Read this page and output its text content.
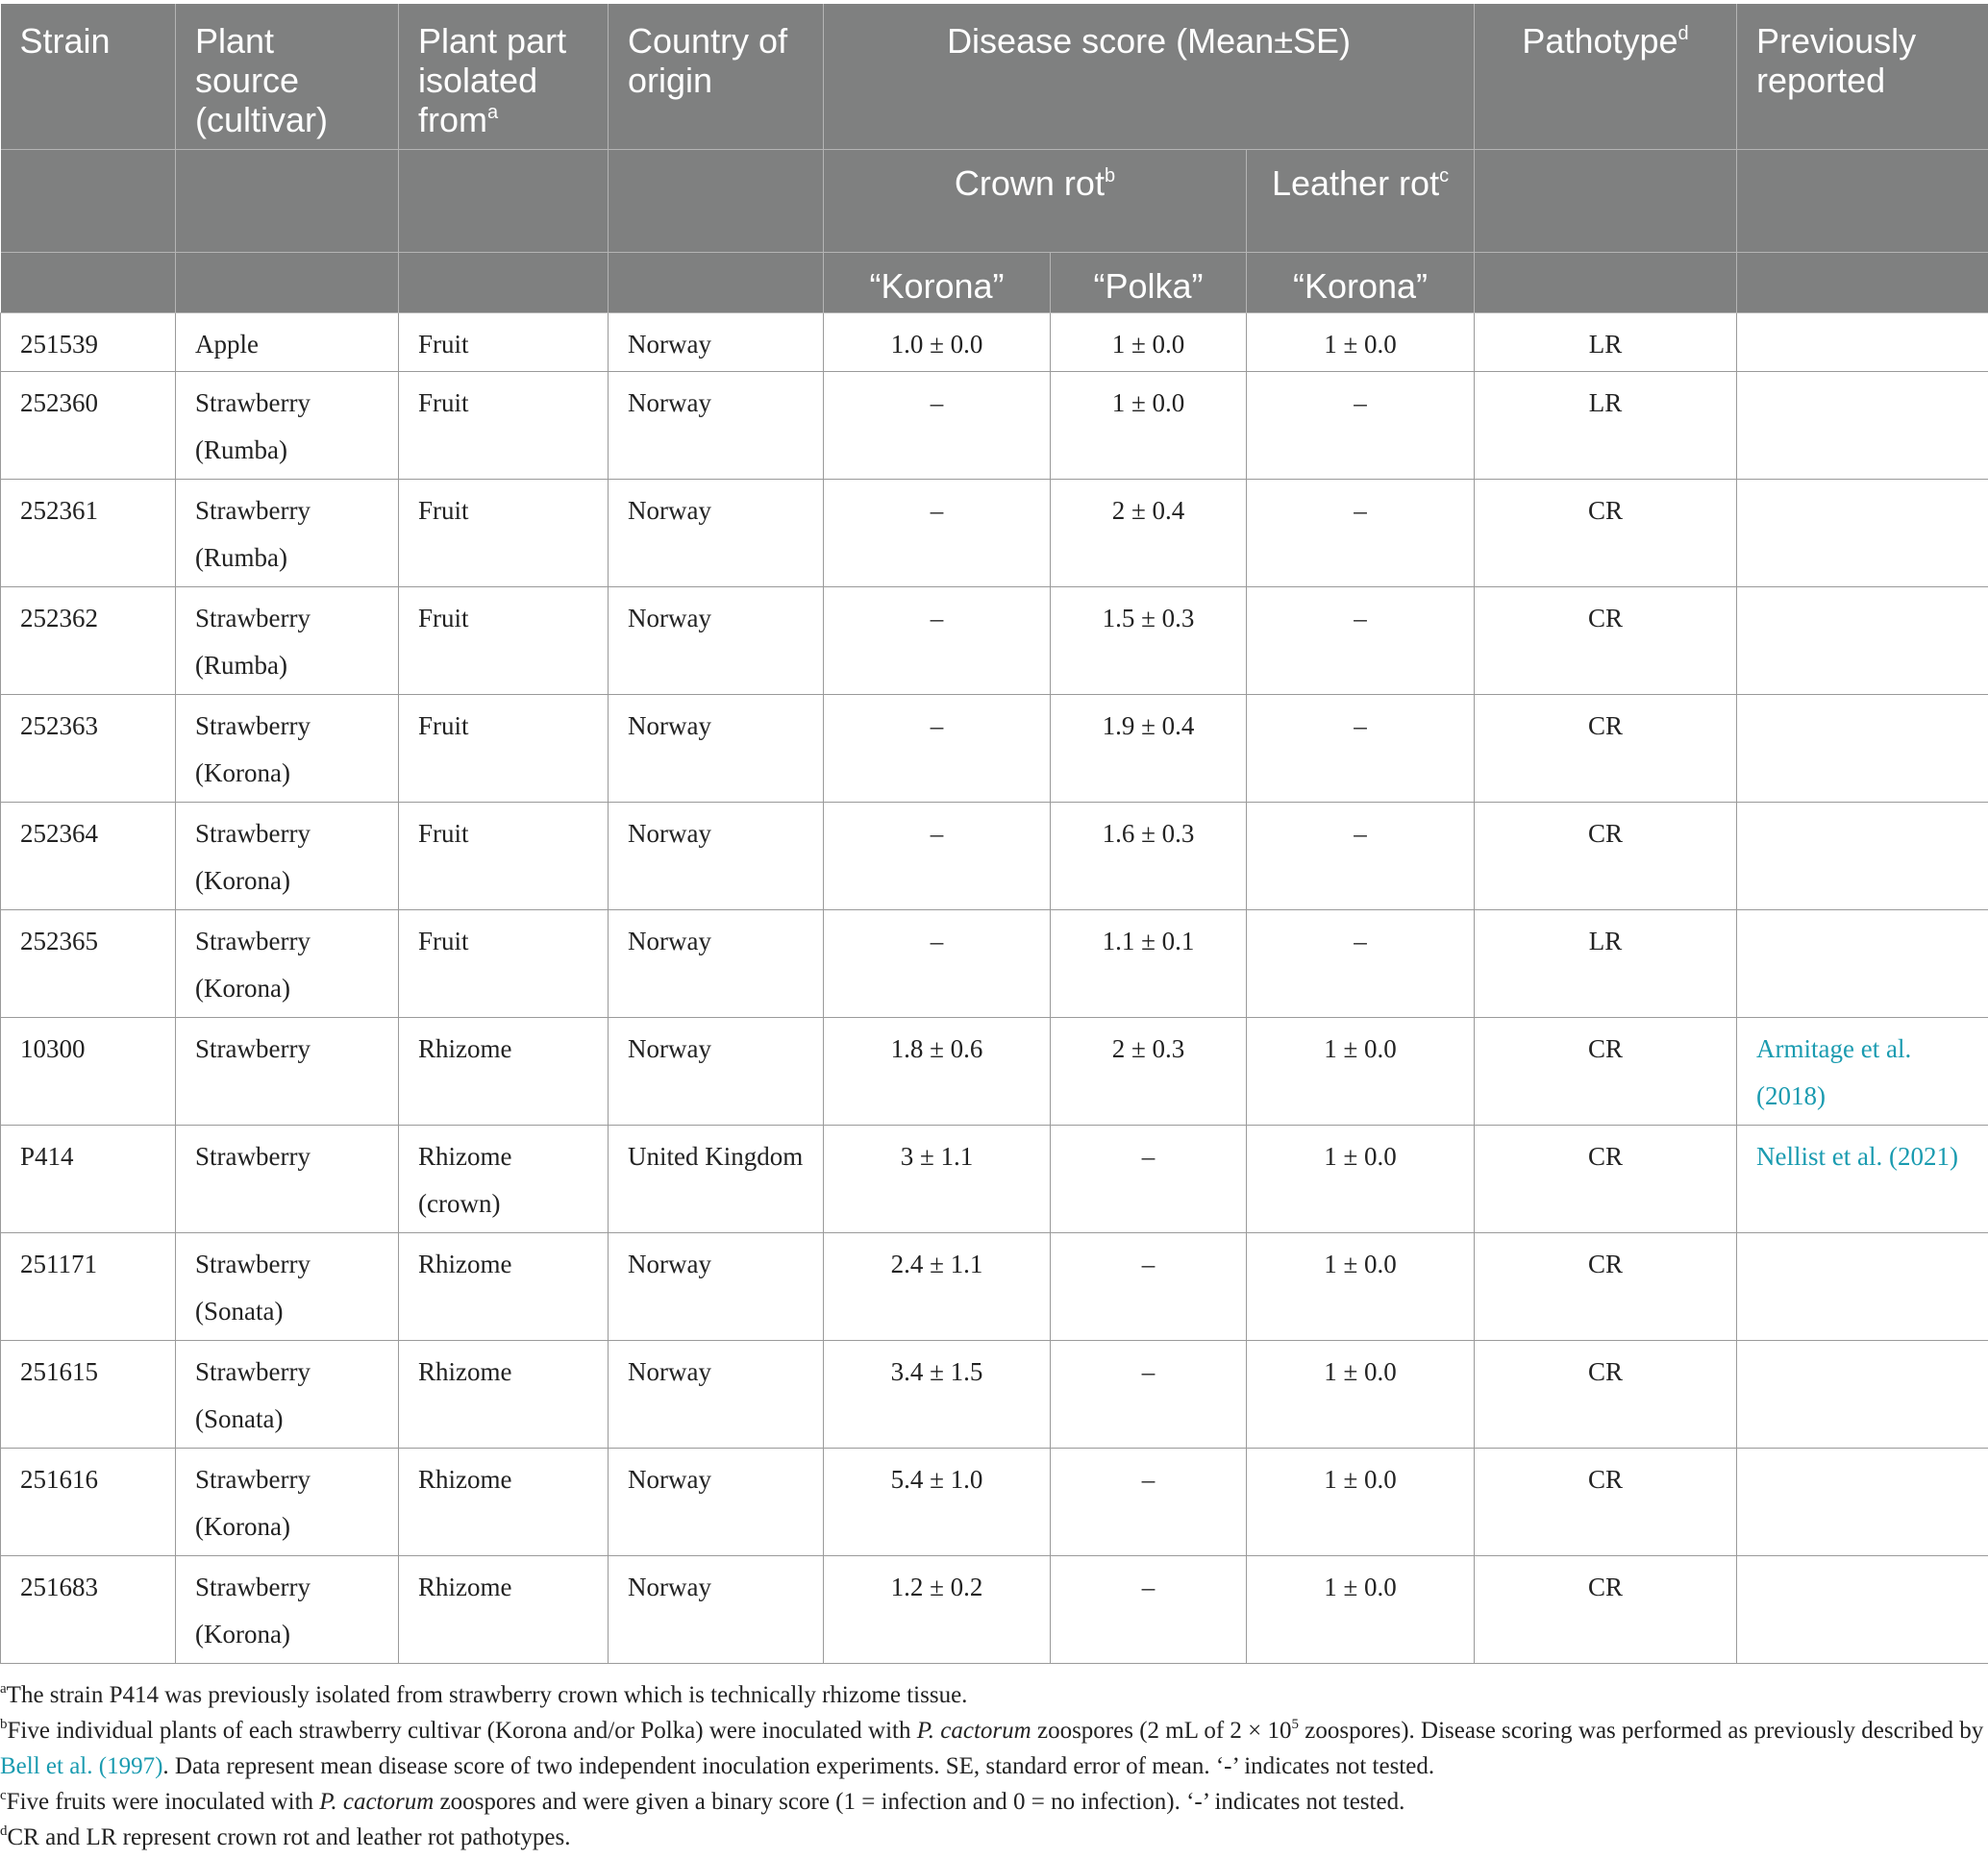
Strain	Plant source (cultivar)	Plant part isolated from$^a$	Country of origin	Disease score (Mean±SE)			Pathotype$^d$	Previously reported
				Crown rot$^b$		Leather rot$^c$		
				“Korona”	“Polka”	“Korona”		
251539	Apple	Fruit	Norway	1.0 ± 0.0	1 ± 0.0	1 ± 0.0	LR	
252360	Strawberry (Rumba)	Fruit	Norway	–	1 ± 0.0	–	LR	
252361	Strawberry (Rumba)	Fruit	Norway	–	2 ± 0.4	–	CR	
252362	Strawberry (Rumba)	Fruit	Norway	–	1.5 ± 0.3	–	CR	
252363	Strawberry (Korona)	Fruit	Norway	–	1.9 ± 0.4	–	CR	
252364	Strawberry (Korona)	Fruit	Norway	–	1.6 ± 0.3	–	CR	
252365	Strawberry (Korona)	Fruit	Norway	–	1.1 ± 0.1	–	LR	
10300	Strawberry	Rhizome	Norway	1.8 ± 0.6	2 ± 0.3	1 ± 0.0	CR	Armitage et al. (2018)
P414	Strawberry	Rhizome (crown)	United Kingdom	3 ± 1.1	–	1 ± 0.0	CR	Nellist et al. (2021)
251171	Strawberry (Sonata)	Rhizome	Norway	2.4 ± 1.1	–	1 ± 0.0	CR	
251615	Strawberry (Sonata)	Rhizome	Norway	3.4 ± 1.5	–	1 ± 0.0	CR	
251616	Strawberry (Korona)	Rhizome	Norway	5.4 ± 1.0	–	1 ± 0.0	CR	
251683	Strawberry (Korona)	Rhizome	Norway	1.2 ± 0.2	–	1 ± 0.0	CR	

$^a$The strain P414 was previously isolated from strawberry crown which is technically rhizome tissue.

$^b$Five individual plants of each strawberry cultivar (Korona and/or Polka) were inoculated with P. cactorum zoospores (2 mL of $2 \times 10^5$ zoospores). Disease scoring was performed as previously described by Bell et al. (1997). Data represent mean disease score of two independent inoculation experiments. SE, standard error of mean. ‘-’ indicates not tested.

$^c$Five fruits were inoculated with P. cactorum zoospores and were given a binary score (1 = infection and 0 = no infection). ‘-’ indicates not tested.

$^d$CR and LR represent crown rot and leather rot pathotypes.
